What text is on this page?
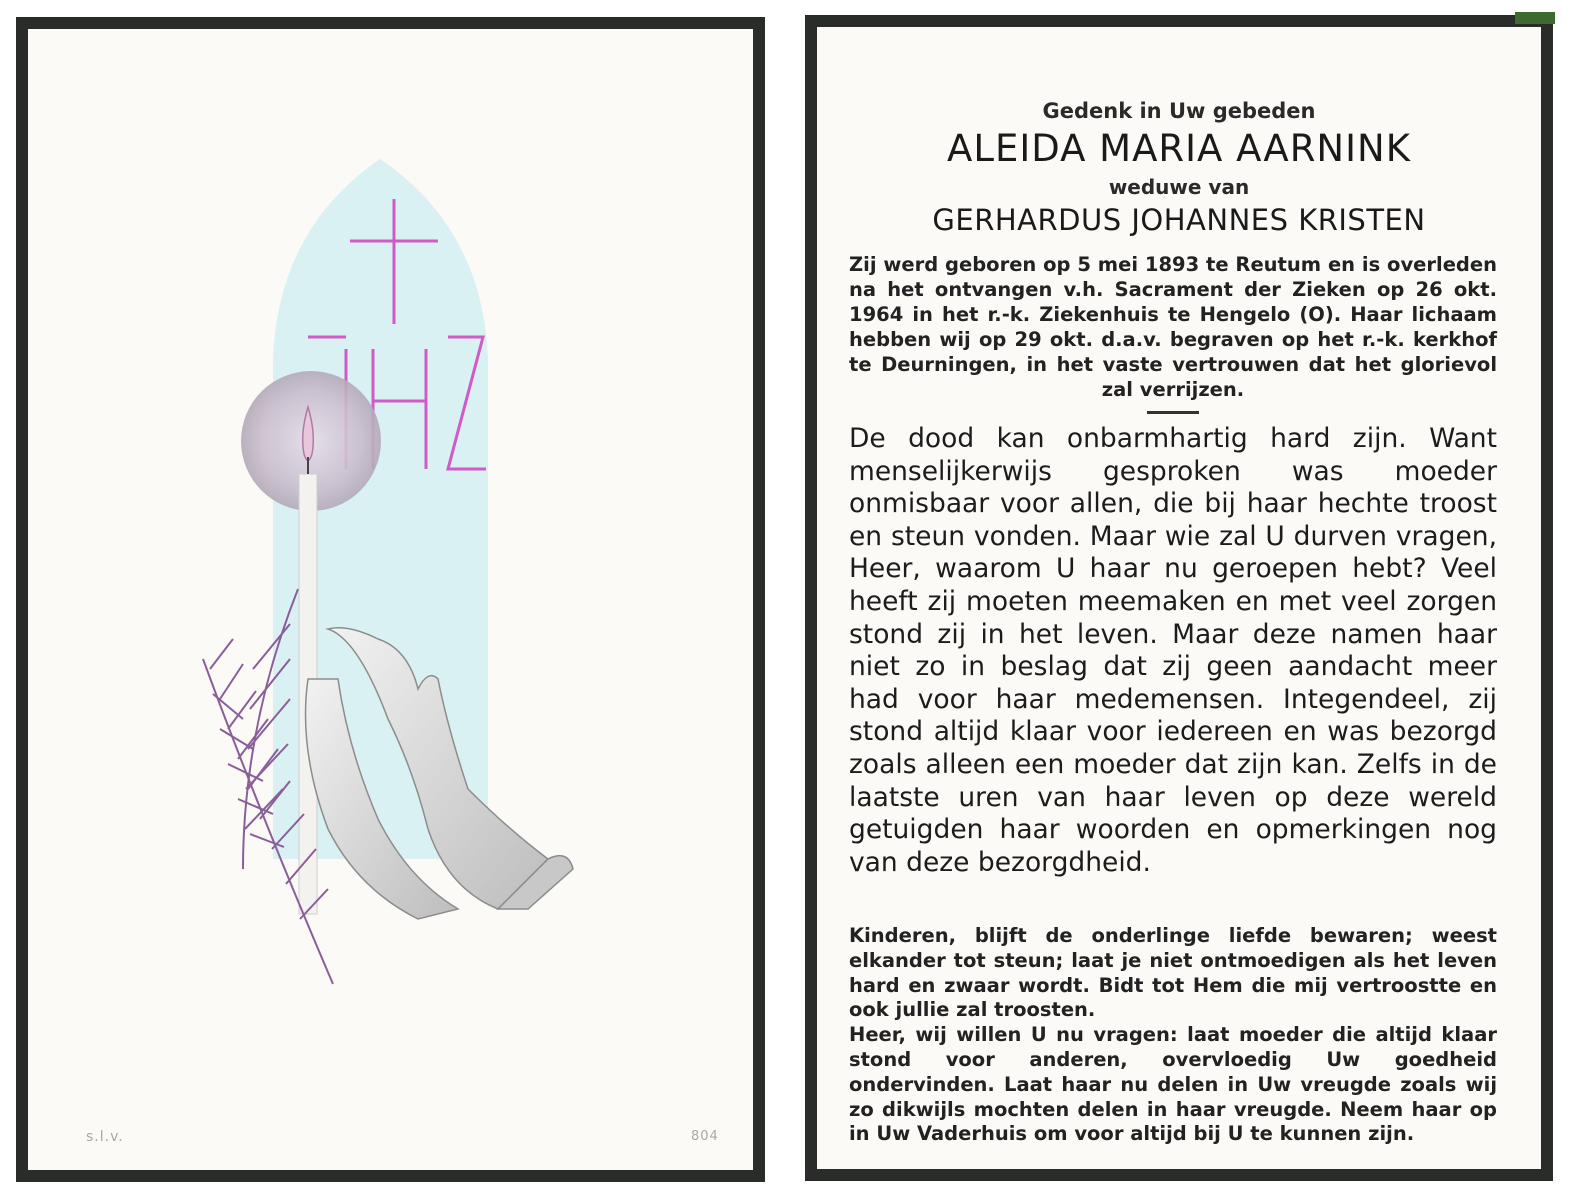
s.l.v.	804
Gedenk in Uw gebeden
ALEIDA MARIA AARNINK
weduwe van
GERHARDUS JOHANNES KRISTEN
Zij werd geboren op 5 mei 1893 te Reutum en is overleden na het ontvangen v.h. Sacrament der Zieken op 26 okt. 1964 in het r.-k. Ziekenhuis te Hengelo (O). Haar lichaam hebben wij op 29 okt. d.a.v. begraven op het r.-k. kerkhof te Deurningen, in het vaste vertrouwen dat het glorievol zal verrijzen.
De dood kan onbarmhartig hard zijn. Want menselijkerwijs gesproken was moeder onmisbaar voor allen, die bij haar hechte troost en steun vonden. Maar wie zal U durven vragen, Heer, waarom U haar nu geroepen hebt? Veel heeft zij moeten meemaken en met veel zorgen stond zij in het leven. Maar deze namen haar niet zo in beslag dat zij geen aandacht meer had voor haar medemensen. Integendeel, zij stond altijd klaar voor iedereen en was bezorgd zoals alleen een moeder dat zijn kan. Zelfs in de laatste uren van haar leven op deze wereld getuigden haar woorden en opmerkingen nog van deze bezorgdheid.

Kinderen, blijft de onderlinge liefde bewaren; weest elkander tot steun; laat je niet ontmoedigen als het leven hard en zwaar wordt. Bidt tot Hem die mij vertroostte en ook jullie zal troosten.

Heer, wij willen U nu vragen: laat moeder die altijd klaar stond voor anderen, overvloedig Uw goedheid ondervinden. Laat haar nu delen in Uw vreugde zoals wij zo dikwijls mochten delen in haar vreugde. Neem haar op in Uw Vaderhuis om voor altijd bij U te kunnen zijn.
